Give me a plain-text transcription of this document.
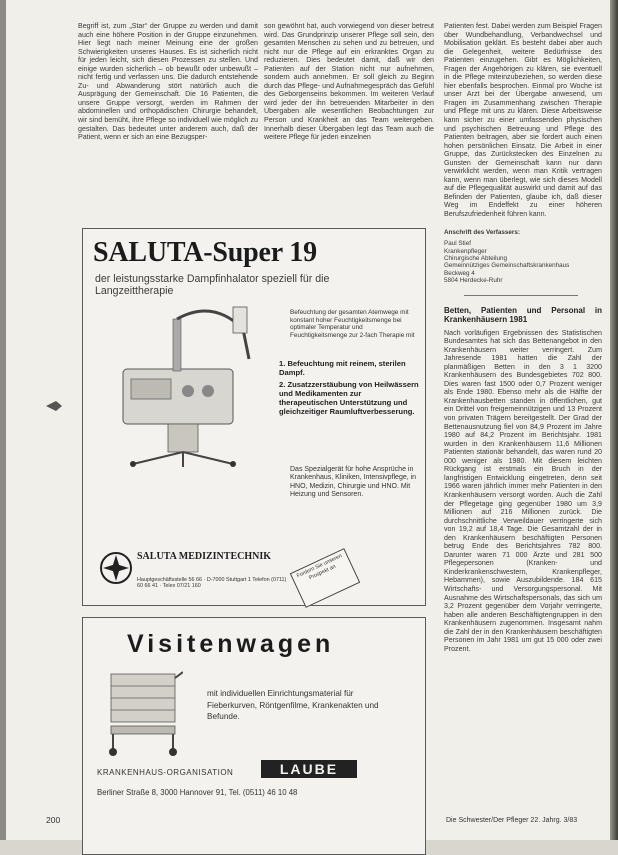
Begriff ist, zum „Star“ der Gruppe zu werden und damit auch eine höhere Position in der Gruppe einzunehmen. Hier liegt nach meiner Meinung eine der großen Schwierigkeiten unseres Hauses. Es ist sicherlich nicht für jeden leicht, sich diesen Prozessen zu stellen. Und einige wurden sicherlich – ob bewußt oder unbewußt – nicht fertig und verfassen uns. Die dadurch entstehende Zu- und Abwanderung stört natürlich auch die Ausprägung der Gemeinschaft. Die 16 Patienten, die unsere Gruppe versorgt, werden im Rahmen der abdominellen und orthopädischen Chirurgie behandelt, wir sind bemüht, ihre Pflege so individuell wie möglich zu gestalten. Das bedeutet unter anderem auch, daß der Patient, wenn er sich an eine Bezugsper-

son gewöhnt hat, auch vorwiegend von dieser betreut wird. Das Grundprinzip unserer Pflege soll sein, den gesamten Menschen zu sehen und zu betreuen, und nicht nur die Pflege auf ein erkranktes Organ zu reduzieren. Dies bedeutet damit, daß wir den Patienten auf der Station nicht nur aufnehmen, sondern auch annehmen. Er soll gleich zu Beginn durch das Pflege- und Aufnahmegespräch das Gefühl des Geborgenseins bekommen. Im weiteren Verlauf wird jeder der ihn betreuenden Mitarbeiter in den Übergaben alle wesentlichen Beobachtungen zur Person und Krankheit an das Team weitergeben. Innerhalb dieser Übergaben legt das Team auch die weitere Pflege für jeden einzelnen

Patienten fest. Dabei werden zum Beispiel Fragen über Wundbehandlung, Verbandwechsel und Mobilisation geklärt. Es besteht dabei aber auch die Gelegenheit, weitere Bedürfnisse des Patienten einzugehen. Gibt es Möglichkeiten, Fragen der Angehörigen zu klären, sie eventuell in die Pflege miteinzubeziehen, so werden diese hier ebenfalls besprochen. Einmal pro Woche ist unser Arzt bei der Übergabe anwesend, um Fragen im Zusammenhang zwischen Therapie und Pflege mit uns zu klären. Diese Arbeitsweise kann sicher zu einer umfassenden physischen und psychischen Betreuung und Pflege des Patienten beitragen, aber sie fordert auch einen hohen persönlichen Einsatz. Die Arbeit in einer Gruppe, das Zurückstecken des Einzelnen zu Gunsten der Gemeinschaft kann nur dann verwirklicht werden, wenn man Kritik vertragen kann, wenn man überlegt, wie sich dieses Modell auf die Pflegequalität auswirkt und damit auf das Befinden der Patienten, glaube ich, daß dieser Weg im Endeffekt zu einer höheren Berufszufriedenheit führen kann.

Anschrift des Verfassers:
Paul Stief
Krankenpfleger
Chirurgische Abteilung
Gemeinnütziges Gemeinschaftskrankenhaus
Beckweg 4
5804 Herdecke-Ruhr
Betten, Patienten und Personal in Krankenhäusern 1981

Nach vorläufigen Ergebnissen des Statistischen Bundesamtes hat sich das Bettenangebot in den Krankenhäusern weiter verringert. Zum Jahresende 1981 hatten die Zahl der planmäßigen Betten in den 3 1 3200 Krankenhäusern des Bundesgebietes 702 800. Dies waren fast 1500 oder 0,7 Prozent weniger als Ende 1980. Ebenso mehr als die Hälfte der Krankenhausbetten standen in öffentlichen, gut ein Drittel von freigemeinnützigen und 13 Prozent von privaten Trägern bereitgestellt. Der Grad der Bettenausnutzung fiel von 84,9 Prozent im Jahre 1980 auf 84,2 Prozent im Berichtsjahr. 1981 wurden in den Krankenhäusern 11,6 Millionen Patienten stationär behandelt, das waren rund 20 000 weniger als 1980. Mit diesem leichten Rückgang ist erstmals ein Bruch in der langfristigen Entwicklung eingetreten, denn seit 1966 waren jährlich immer mehr Patienten in den Krankenhäusern versorgt worden. Auch die Zahl der Pflegetage ging gegenüber 1980 um 3,9 Millionen auf 216 Millionen zurück. Die durchschnittliche Verweildauer verringerte sich von 19,2 auf 18,4 Tage. Die Gesamtzahl der in den Krankenhäusern beschäftigten Personen betrug Ende des Berichtsjahres 782 800. Darunter waren 71 000 Ärzte und 281 500 Pflegepersonen (Kranken- und Kinderkrankenschwestern, Krankenpfleger, Hebammen), sowie Auszubildende. 184 615 Wirtschafts- und Versorgungspersonal. Mit Ausnahme des Wirtschaftspersonals, das sich um 3,2 Prozent gegenüber dem Vorjahr verringerte, haben alle anderen Beschäftigtengruppen in den Krankenhäusern zugenommen. Insgesamt nahm die Zahl der in den Krankenhäusern beschäftigten Personen im Jahr 1981 um gut 15 000 oder zwei Prozent.

SALUTA-Super 19
der leistungsstarke Dampfinhalator speziell für die Langzeittherapie
Befeuchtung der gesamten Atemwege mit konstant hoher Feuchtigkeitsmenge bei optimaler Temperatur und Feuchtigkeitsmenge zur 2-fach Therapie mit
1. Befeuchtung mit reinem, sterilen Dampf.
2. Zusatzzerstäubung von Heilwässern und Medikamenten zur therapeutischen Unterstützung und gleichzeitiger Raumluftverbesserung.
Das Spezialgerät für hohe Ansprüche in Krankenhaus, Kliniken, Intensivpflege, in HNO, Medizin, Chirurgie und HNO. Mit Heizung und Sensoren.
SALUTA MEDIZINTECHNIK
Hauptgeschäftsstelle 56 66 · D-7000 Stuttgart 1 Telefon (0711) 60 66 41 · Telex 07/21 160
Fordern Sie unseren Prospekt an
Visitenwagen
mit individuellen Einrichtungsmaterial für Fieberkurven, Röntgenfilme, Krankenakten und Befunde.
KRANKENHAUS-ORGANISATION	LAUBE
Berliner Straße 8, 3000 Hannover 91, Tel. (0511) 46 10 48
200	Die Schwester/Der Pfleger 22. Jahrg. 3/83
